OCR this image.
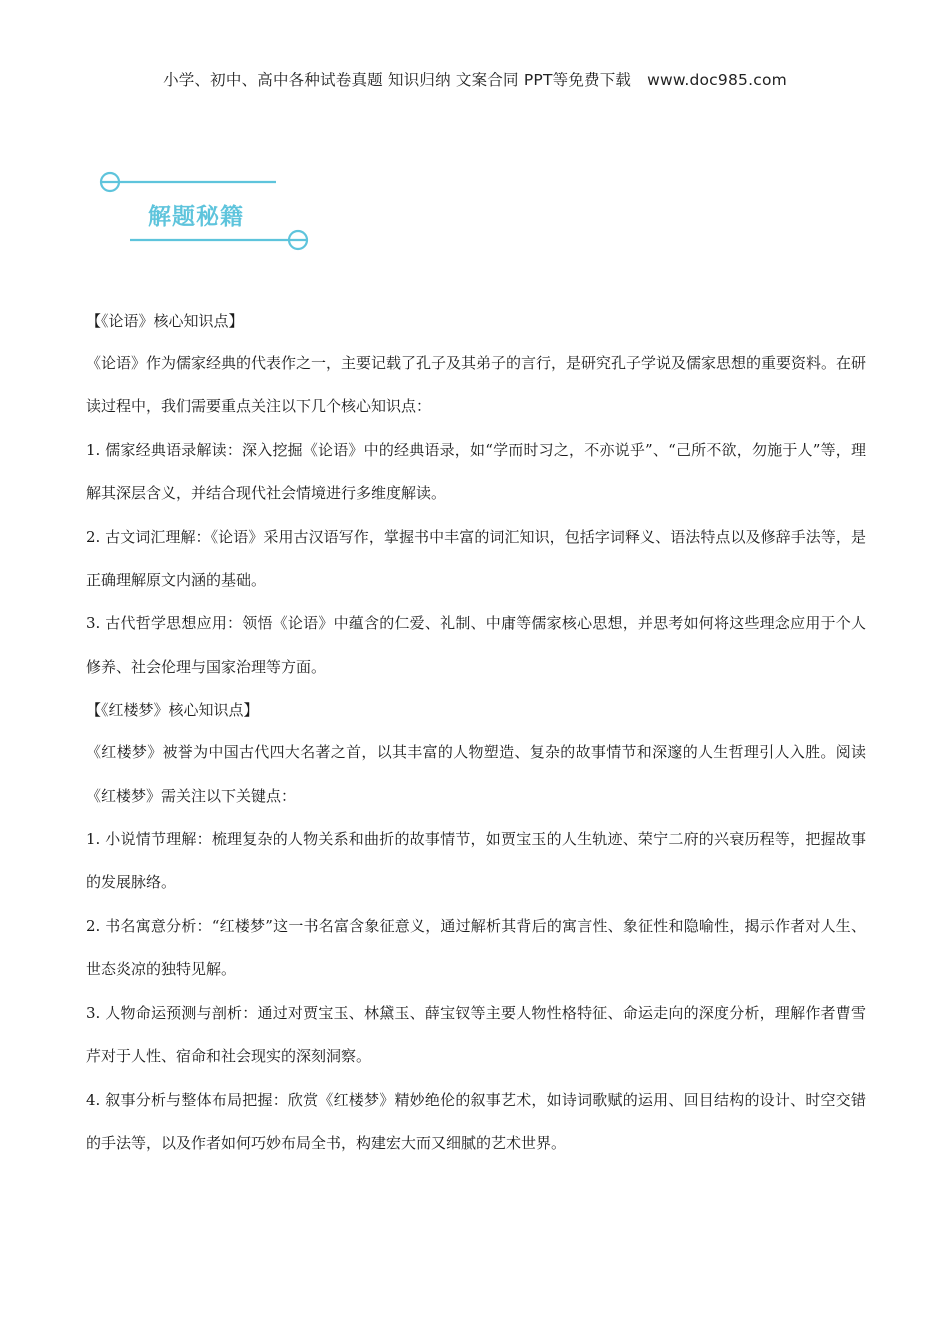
小学、初中、高中各种试卷真题 知识归纳 文案合同 PPT等免费下载 www.doc985.com
解题秘籍

【《论语》核心知识点】

《论语》作为儒家经典的代表作之一，主要记载了孔子及其弟子的言行，是研究孔子学说及儒家思想的重要资料。在研读过程中，我们需要重点关注以下几个核心知识点：

1. 儒家经典语录解读：深入挖掘《论语》中的经典语录，如“学而时习之，不亦说乎”、“己所不欲，勿施于人”等，理解其深层含义，并结合现代社会情境进行多维度解读。

2. 古文词汇理解：《论语》采用古汉语写作，掌握书中丰富的词汇知识，包括字词释义、语法特点以及修辞手法等，是正确理解原文内涵的基础。

3. 古代哲学思想应用：领悟《论语》中蕴含的仁爱、礼制、中庸等儒家核心思想，并思考如何将这些理念应用于个人修养、社会伦理与国家治理等方面。

【《红楼梦》核心知识点】

《红楼梦》被誉为中国古代四大名著之首，以其丰富的人物塑造、复杂的故事情节和深邃的人生哲理引人入胜。阅读《红楼梦》需关注以下关键点：

1. 小说情节理解：梳理复杂的人物关系和曲折的故事情节，如贾宝玉的人生轨迹、荣宁二府的兴衰历程等，把握故事的发展脉络。

2. 书名寓意分析：“红楼梦”这一书名富含象征意义，通过解析其背后的寓言性、象征性和隐喻性，揭示作者对人生、世态炎凉的独特见解。

3. 人物命运预测与剖析：通过对贾宝玉、林黛玉、薛宝钗等主要人物性格特征、命运走向的深度分析，理解作者曹雪芹对于人性、宿命和社会现实的深刻洞察。

4. 叙事分析与整体布局把握：欣赏《红楼梦》精妙绝伦的叙事艺术，如诗词歌赋的运用、回目结构的设计、时空交错的手法等，以及作者如何巧妙布局全书，构建宏大而又细腻的艺术世界。
